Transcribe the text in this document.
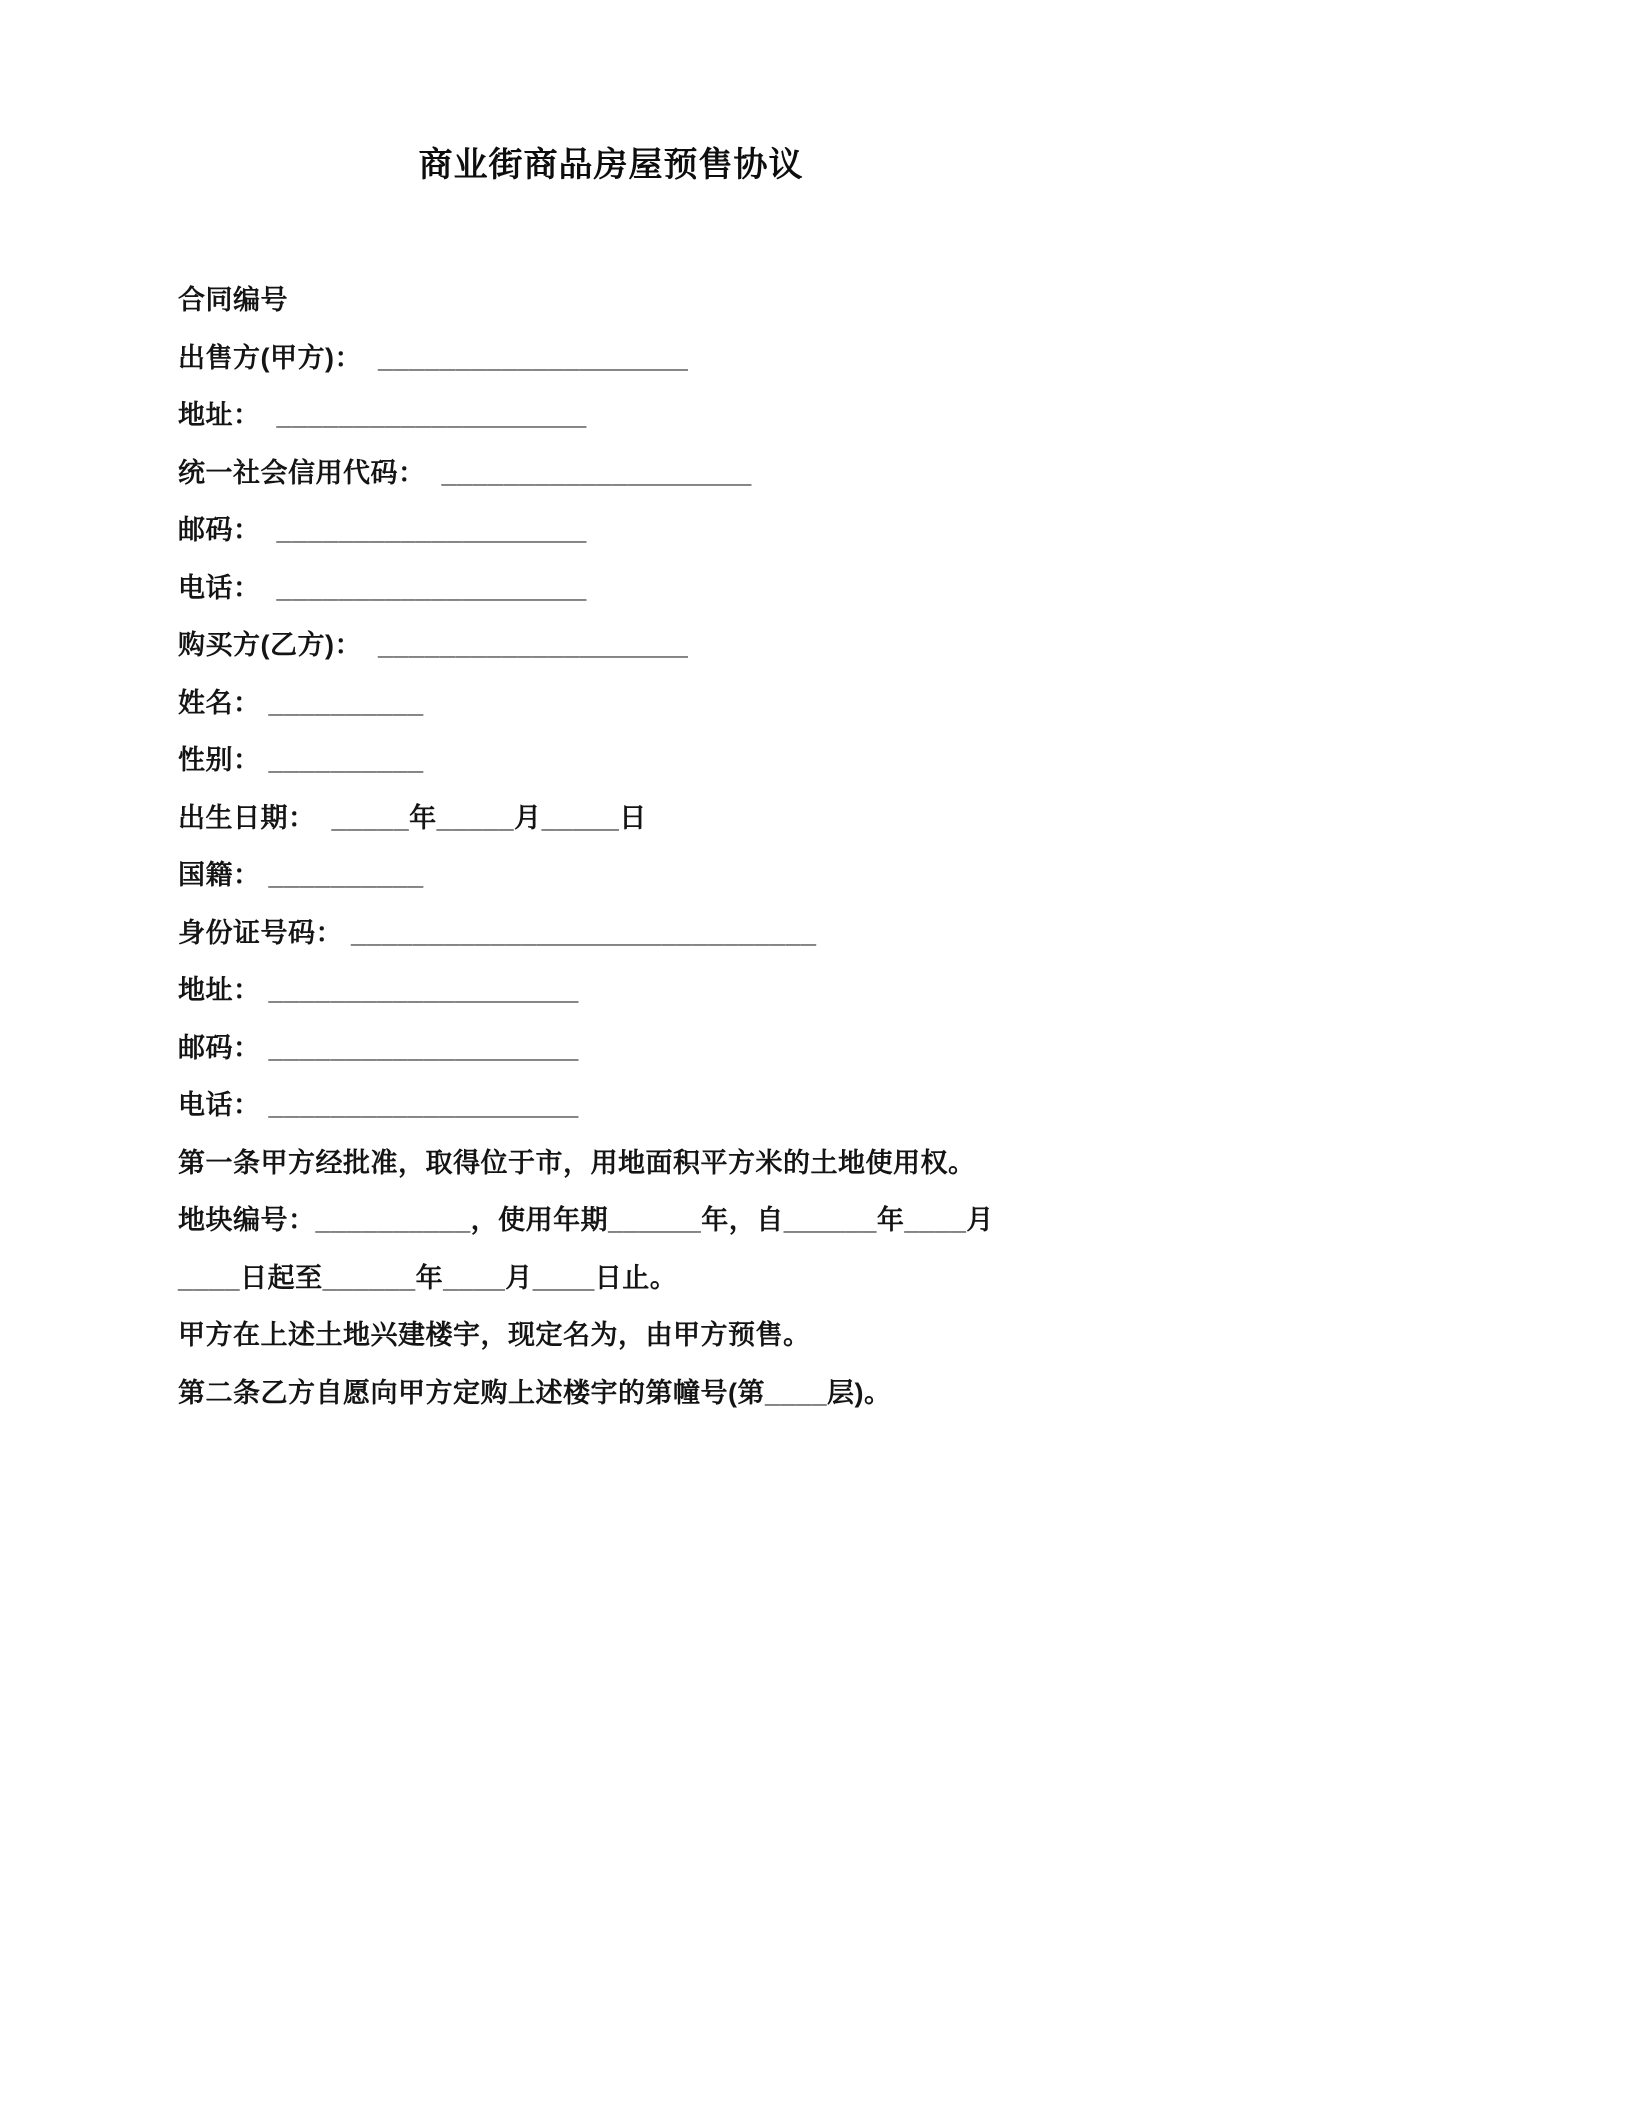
商业街商品房屋预售协议

合同编号

出售方(甲方)：  ____________________

地址：  ____________________

统一社会信用代码：  ____________________

邮码：  ____________________

电话：  ____________________

购买方(乙方)：  ____________________

姓名： __________

性别： __________

出生日期：  _____年_____月_____日

国籍： __________

身份证号码： ______________________________

地址： ____________________

邮码： ____________________

电话： ____________________

第一条甲方经批准，取得位于市，用地面积平方米的土地使用权。

地块编号：__________，使用年期______年，自______年____月

____日起至______年____月____日止。

甲方在上述土地兴建楼宇，现定名为，由甲方预售。

第二条乙方自愿向甲方定购上述楼宇的第幢号(第____层)。
